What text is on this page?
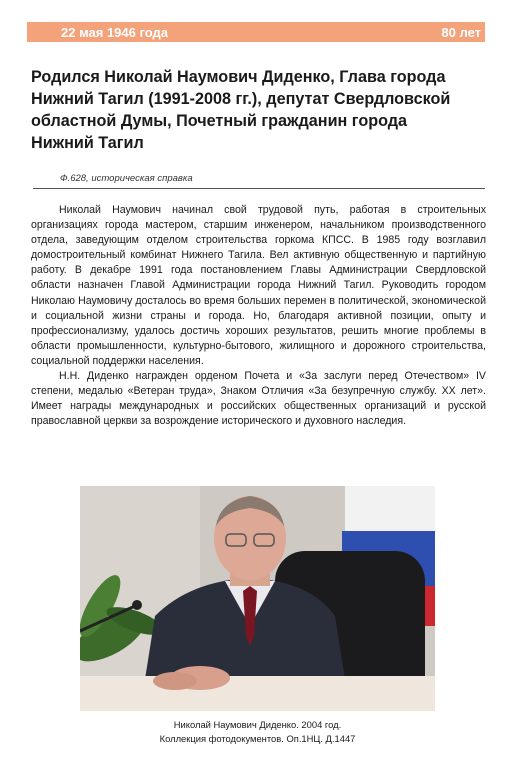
22 мая 1946 года	80 лет
Родился Николай Наумович Диденко, Глава города Нижний Тагил (1991-2008 гг.), депутат Свердловской областной Думы, Почетный гражданин города Нижний Тагил
Ф.628, историческая справка

Николай Наумович начинал свой трудовой путь, работая в строительных организациях города мастером, старшим инженером, начальником производственного отдела, заведующим отделом строительства горкома КПСС. В 1985 году возглавил домостроительный комбинат Нижнего Тагила. Вел активную общественную и партийную работу. В декабре 1991 года постановлением Главы Администрации Свердловской области назначен Главой Администрации города Нижний Тагил. Руководить городом Николаю Наумовичу досталось во время больших перемен в политической, экономической и социальной жизни страны и города. Но, благодаря активной позиции, опыту и профессионализму, удалось достичь хороших результатов, решить многие проблемы в области промышленности, культурно-бытового, жилищного и дорожного строительства, социальной поддержки населения.

Н.Н. Диденко награжден орденом Почета и «За заслуги перед Отечеством» IV степени, медалью «Ветеран труда», Знаком Отличия «За безупречную службу. XX лет». Имеет награды международных и российских общественных организаций и русской православной церкви за возрождение исторического и духовного наследия.

Николай Наумович Диденко. 2004 год.
Коллекция фотодокументов. Оп.1НЦ. Д.1447
